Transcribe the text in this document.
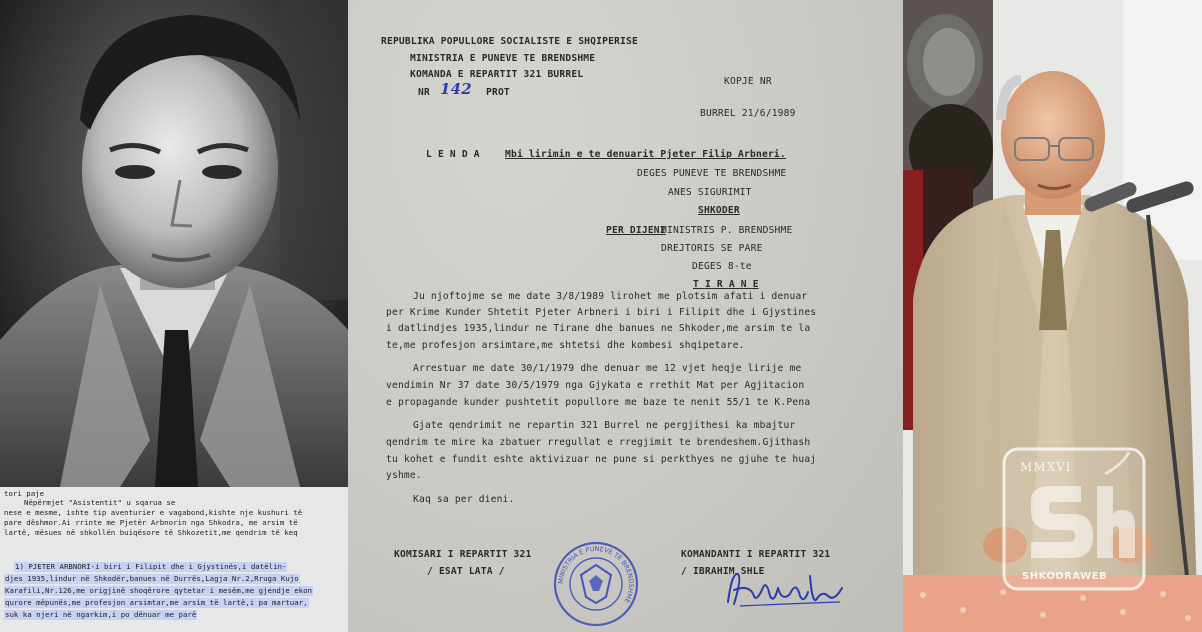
tori paje
Nëpërmjet "Asistentit" u sqarua se
nese e mesme, ishte tip aventurier e vagabond,kishte nje kushuri të
pare dëshmor.Ai rrinte me Pjetër Arbnorin nga Shkodra, me arsim të
lartë, mësues në shkollën buiqësore të Shkozetit,me qendrim të keq
1) PJETER ARBNORI-i biri i Filipit dhe i Gjystinës,i datëlin-
djes 1935,lindur në Shkodër,banues në Durrës,Lagja Nr.2,Rruga Kujo
Karafili,Nr.126,me origjinë shoqërore qytetar i mesëm,me gjendje ekon
qurore mëpunës,me profesjon arsimtar,me arsim të lartë,i pa martuar,
suk ka njeri në ngarkim,i po dënuar me parë
REPUBLIKA POPULLORE SOCIALISTE E SHQIPERISE
MINISTRIA E PUNEVE TE BRENDSHME
KOMANDA E REPARTIT 321 BURREL
KOPJE NR
NR 142 PROT
BURREL 21/6/1989
L E N D A	Mbi lirimin e te denuarit Pjeter Filip Arbneri.
DEGES PUNEVE TE BRENDSHME
ANES SIGURIMIT
SHKODER
PER DIJENI
MINISTRIS P. BRENDSHME
DREJTORIS SE PARE
DEGES 8-te
T I R A N E
Ju njoftojme se me date 3/8/1989 lirohet me plotsim afati i denuar
per Krime Kunder Shtetit Pjeter Arbneri i biri i Filipit dhe i Gjystines
i datlindjes 1935,lindur ne Tirane dhe banues ne Shkoder,me arsim te la
te,me profesjon arsimtare,me shtetsi dhe kombesi shqipetare.
Arrestuar me date 30/1/1979 dhe denuar me 12 vjet heqje lirije me
vendimin Nr 37 date 30/5/1979 nga Gjykata e rrethit Mat per Agjitacion
e propagande kunder pushtetit popullore me baze te nenit 55/1 te K.Pena
Gjate qendrimit ne repartin 321 Burrel ne pergjithesi ka mbajtur
qendrim te mire ka zbatuer rregullat e rregjimit te brendeshem.Gjithash
tu kohet e fundit eshte aktivizuar ne pune si perkthyes ne gjuhe te huaj
yshme.
Kaq sa per dieni.
KOMISARI I REPARTIT 321
/ ESAT LATA /
KOMANDANTI I REPARTIT 321
/ IBRAHIM SHLE
MINISTRIA E PUNEVE TE BRENDSHME
MMXVI
SHKODRAWEB
